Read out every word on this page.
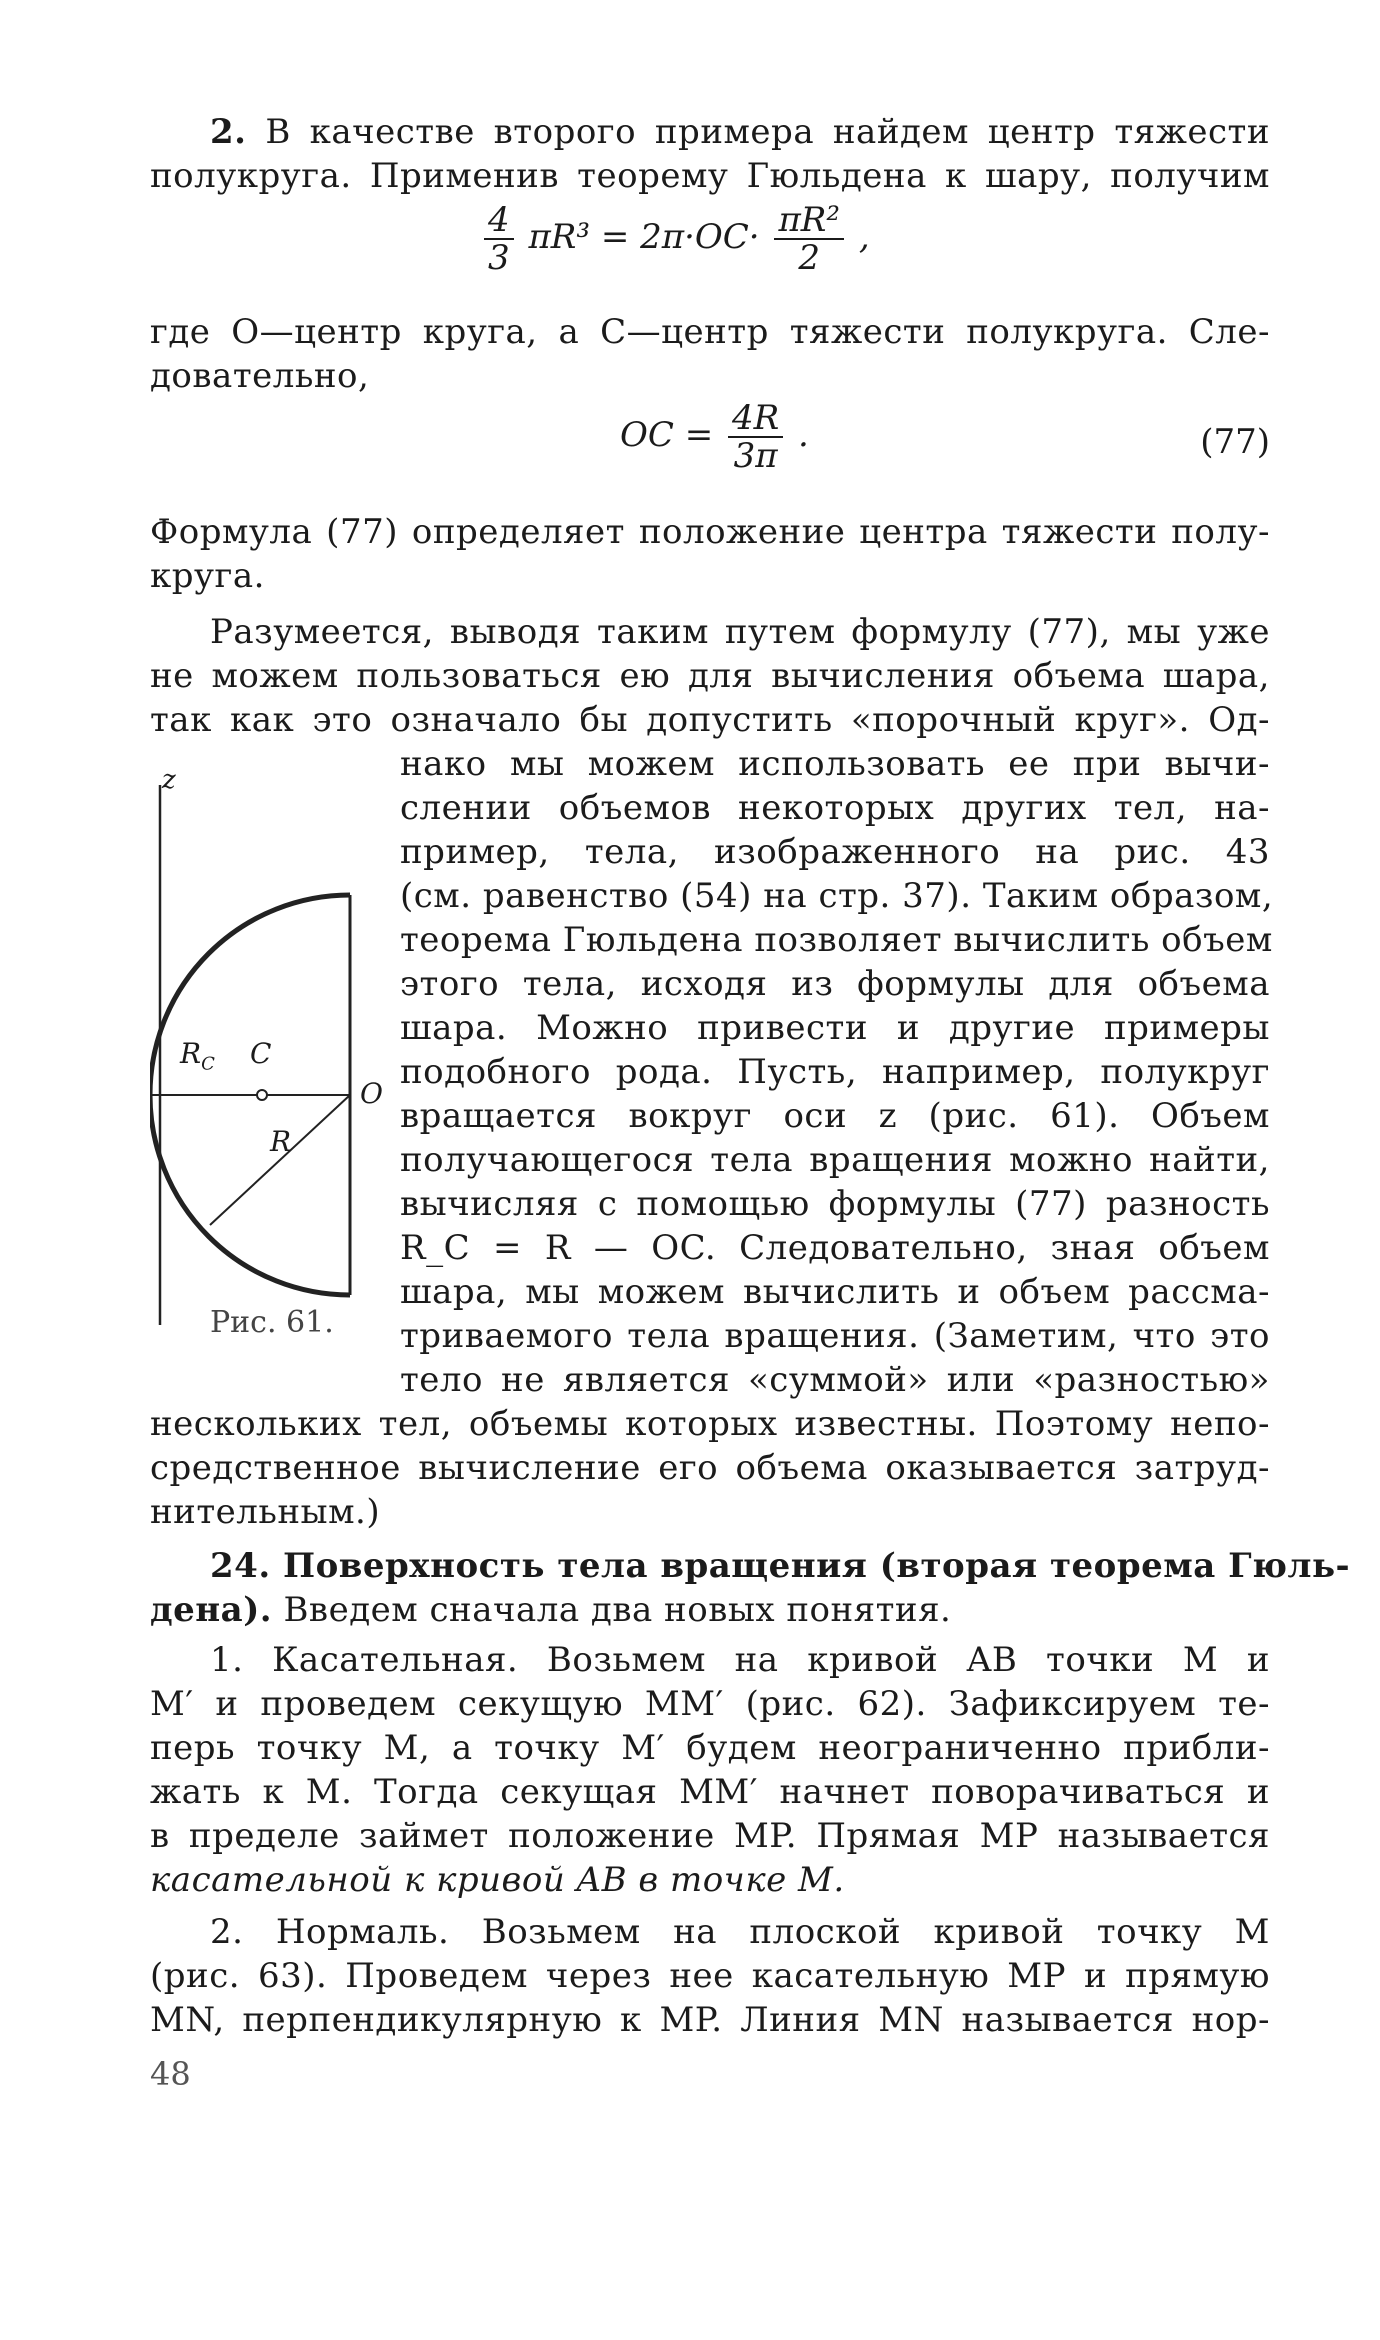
2. В качестве второго примера найдем центр тяжести
полукруга. Применив теорему Гюльдена к шару, получим
$\frac{4}{3} \pi R^3 = 2\pi\cdot OC\cdot \frac{\text{πR²}}{2}$ ,
где O—центр круга, а C—центр тяжести полукруга. Сле-
довательно,
OC = $\frac{4R}{3\pi}$ .	(77)
Формула (77) определяет положение центра тяжести полу-
круга.
Разумеется, выводя таким путем формулу (77), мы уже
не можем пользоваться ею для вычисления объема шара,
так как это означало бы допустить «порочный круг». Од-
z
$R_C$ C
O
R
Рис. 61.
нако мы можем использовать ее при вычи-
слении объемов некоторых других тел, на-
пример, тела, изображенного на рис. 43
(см. равенство (54) на стр. 37). Таким образом,
теорема Гюльдена позволяет вычислить объем
этого тела, исходя из формулы для объема
шара. Можно привести и другие примеры
подобного рода. Пусть, например, полукруг
вращается вокруг оси z (рис. 61). Объем
получающегося тела вращения можно найти,
вычисляя с помощью формулы (77) разность
R_C = R — OC. Следовательно, зная объем
шара, мы можем вычислить и объем рассма-
триваемого тела вращения. (Заметим, что это
тело не является «суммой» или «разностью»
нескольких тел, объемы которых известны. Поэтому непо-
средственное вычисление его объема оказывается затруд-
нительным.)
24. Поверхность тела вращения (вторая теорема Гюль-
дена). Введем сначала два новых понятия.
1. Касательная. Возьмем на кривой AB точки M и
M′ и проведем секущую MM′ (рис. 62). Зафиксируем те-
перь точку M, а точку M′ будем неограниченно прибли-
жать к M. Тогда секущая MM′ начнет поворачиваться и
в пределе займет положение MP. Прямая MP называется
касательной к кривой AB в точке M.
2. Нормаль. Возьмем на плоской кривой точку M
(рис. 63). Проведем через нее касательную MP и прямую
MN, перпендикулярную к MP. Линия MN называется нор-
48
